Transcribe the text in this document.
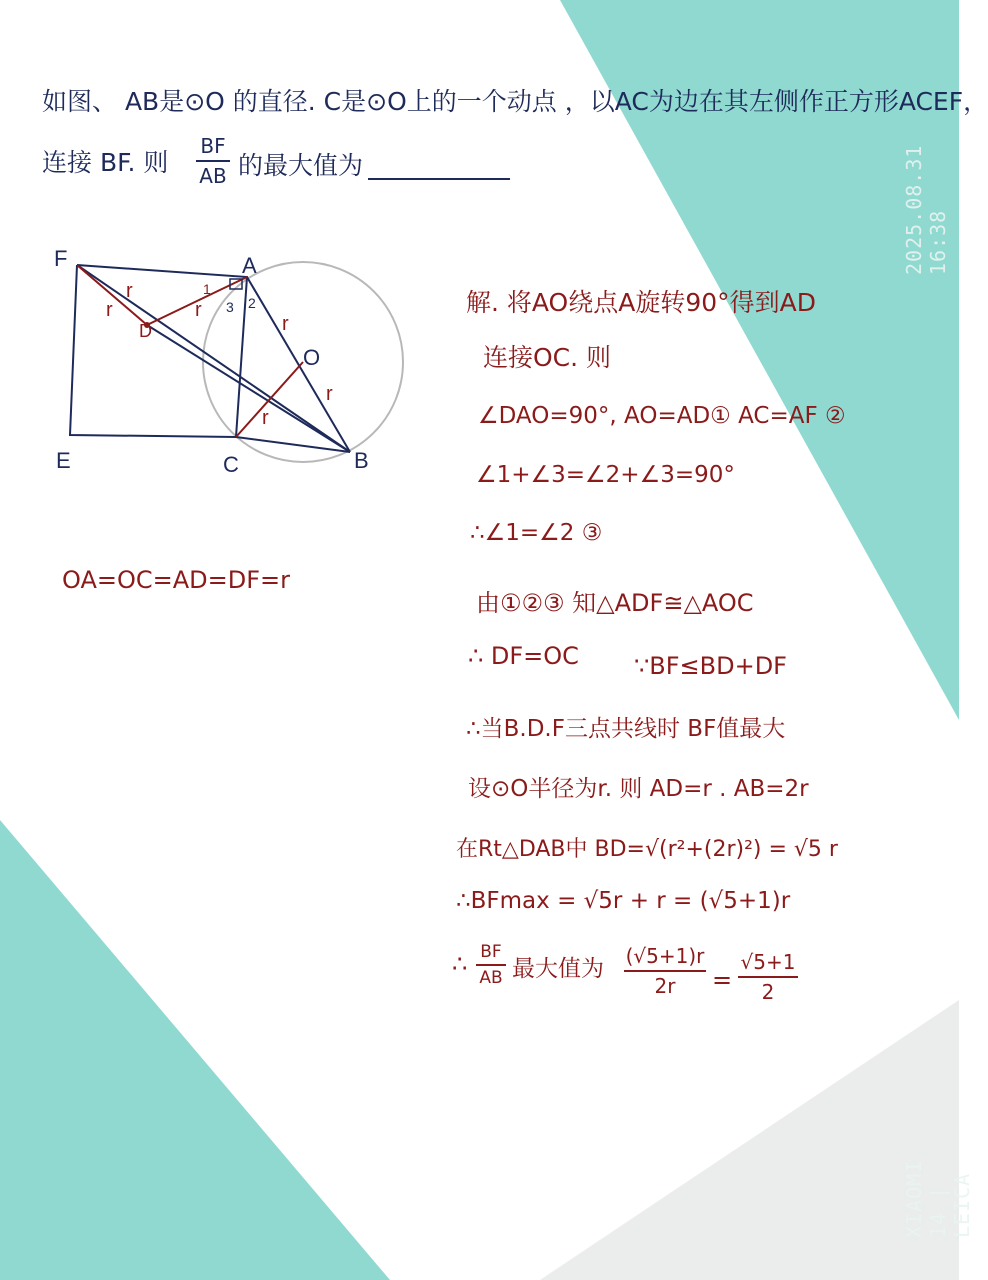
如图、 AB是⊙O 的直径. C是⊙O上的一个动点 ，以AC为边在其左侧作正方形ACEF，
连接 BF. 则
BF
AB 的最大值为
F	A
E	C	B
O
2
3
D
1
r
r	r
r
r
r
OA=OC=AD=DF=r
解. 将AO绕点A旋转90°得到AD
连接OC. 则
∠DAO=90°, AO=AD① AC=AF ②
∠1+∠3=∠2+∠3=90°
∴∠1=∠2 ③
由①②③ 知△ADF≅△AOC
∴ DF=OC ∵BF≤BD+DF
∴当B.D.F三点共线时 BF值最大
设⊙O半径为r. 则 AD=r . AB=2r
在Rt△DAB中 BD=√(r²+(2r)²) = √5 r
∴BFmax = √5r + r = (√5+1)r
∴ BF
AB 最大值为 (√5+1)r
2r	=
√5+1
2
2025.08.31 16:38
XIAOMI 14 | LEICA
